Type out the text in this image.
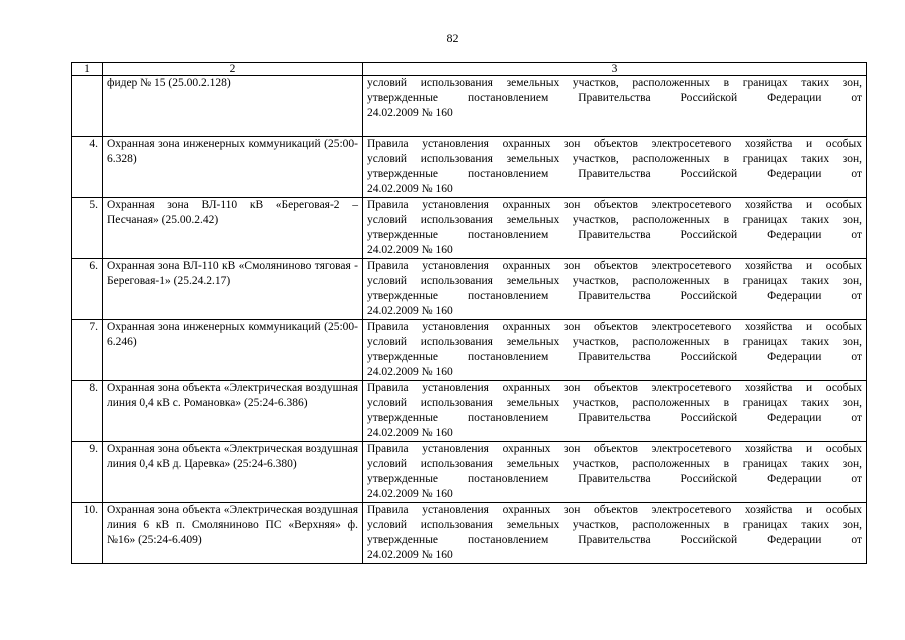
82
1	2	3
	фидер № 15 (25.00.2.128)	условий использования земельных участков, расположенных в границах таких зон,
утвержденные постановлением Правительства Российской Федерации от
24.02.2009 № 160

4.	Охранная зона инженерных коммуникаций (25:00-6.328)	Правила установления охранных зон объектов электросетевого хозяйства и особых
условий использования земельных участков, расположенных в границах таких зон,
утвержденные постановлением Правительства Российской Федерации от
24.02.2009 № 160

5.	Охранная зона ВЛ-110 кВ «Береговая-2 – Песчаная» (25.00.2.42)	Правила установления охранных зон объектов электросетевого хозяйства и особых
условий использования земельных участков, расположенных в границах таких зон,
утвержденные постановлением Правительства Российской Федерации от
24.02.2009 № 160

6.	Охранная зона ВЛ-110 кВ «Смоляниново тяговая - Береговая-1» (25.24.2.17)	Правила установления охранных зон объектов электросетевого хозяйства и особых
условий использования земельных участков, расположенных в границах таких зон,
утвержденные постановлением Правительства Российской Федерации от
24.02.2009 № 160

7.	Охранная зона инженерных коммуникаций (25:00-6.246)	Правила установления охранных зон объектов электросетевого хозяйства и особых
условий использования земельных участков, расположенных в границах таких зон,
утвержденные постановлением Правительства Российской Федерации от
24.02.2009 № 160

8.	Охранная зона объекта «Электрическая воздушная линия 0,4 кВ с. Романовка» (25:24-6.386)	Правила установления охранных зон объектов электросетевого хозяйства и особых
условий использования земельных участков, расположенных в границах таких зон,
утвержденные постановлением Правительства Российской Федерации от
24.02.2009 № 160

9.	Охранная зона объекта «Электрическая воздушная линия 0,4 кВ д. Царевка» (25:24-6.380)	Правила установления охранных зон объектов электросетевого хозяйства и особых
условий использования земельных участков, расположенных в границах таких зон,
утвержденные постановлением Правительства Российской Федерации от
24.02.2009 № 160

10.	Охранная зона объекта «Электрическая воздушная линия 6 кВ п. Смоляниново ПС «Верхняя» ф.№16» (25:24-6.409)	Правила установления охранных зон объектов электросетевого хозяйства и особых
условий использования земельных участков, расположенных в границах таких зон,
утвержденные постановлением Правительства Российской Федерации от
24.02.2009 № 160
